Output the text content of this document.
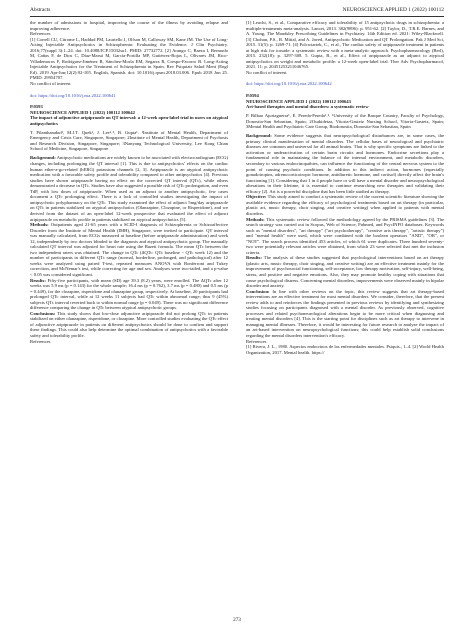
Abstracts	NEUROSCIENCE APPLIED 1 (2022) 100112

the number of admissions to hospital, improving the course of the illness by avoiding relapse and improving adherence.

References

[1] Correll CU, Citrome L, Haddad PM, Lauriello J, Olfson M, Calloway SM, Kane JM. The Use of Long-Acting Injectable Antipsychotics in Schizophrenia: Evaluating the Evidence. J Clin Psychiatry. 2016;77(suppl 3):1–24. doi: 10.4088/JCP.15032su1. PMID: 27732772. [2] Arango C, Baeza I, Bernardo M, Cañas F, de Dios C, Díaz-Marsá M, García-Portilla MP, Gutiérrez-Rojas L, Olivares JM, Rico-Villademoros F, Rodríguez-Jiménez R, Sánchez-Morla EM, Segarra R, Crespo-Facorro B. Long-Acting Injectable Antipsychotics for the Treatment of Schizophrenia in Spain. Rev Psiquiatr Salud Ment (Engl Ed). 2019 Apr-Jun;12(2):92-105. English, Spanish. doi: 10.1016/j.rpsm.2018.03.006. Epub 2018 Jun 25. PMID: 29954707.

No conflict of interest

doi: https://doi.org/10.1016/j.nsa.2022.100641

P.0593

NEUROSCIENCE APPLIED 1 (2022) 100112 100642

The impact of adjunctive aripiprazole on QT interval: a 12-week open-label trial in users on atypical antipsychotics

T. Pilanthanakul¹, M.J.T. Quek¹, J. Lee¹˒², B. Gupta¹. ¹Institute of Mental Health, Department of Emergency and Crisis Care, Singapore, Singapore; 2Institute of Mental Health, Department of Psychosis and Research Division, Singapore, Singapore; 3Nanyang Technological University, Lee Kong Chian School of Medicine, Singapore, Singapore

Background: Antipsychotic medications are widely known to be associated with electrocardiogram (ECG) changes, including prolonging the QT interval [1]. This is due to antipsychotics' effects on the cardiac human ether-a-go-related (hERG) potassium channels [2, 3]. Aripiprazole is an atypical antipsychotic medication with a favorable safety profile and tolerability compared to other antipsychotics [4]. Previous studies have shown aripiprazole having no effect on the corrected QT interval (QTc), while others demonstrated a decrease in QTc. Studies have also suggested a possible risk of QTc prolongation, and even TdP, with low doses of aripiprazole. When used as an adjunct to another antipsychotic, few cases document a QTc prolonging effect. There is a lack of controlled studies investigating the impact of antipsychotic polypharmacy on the QTc. This study examined the effect of adjunct 5mg/day aripiprazole on QTc in patients stabilized on atypical antipsychotics (Olanzapine, Clozapine, or Risperidone), and we derived from the dataset of an open-label 12-week prospective that evaluated the effect of adjunct aripiprazole on metabolic profile in patients stabilized on atypical antipsychotics [5].

Methods: Outpatients aged 21-65 years with a SCID-I diagnosis of Schizophrenia or Schizoaffective Disorder from the Institute of Mental Health (IMH), Singapore, were invited to participate. QT interval was manually calculated, from ECGs measured at baseline (before aripiprazole administration) and week 12, independently by two doctors blinded to the diagnosis and atypical antipsychotic group. The manually calculated QT interval was adjusted for heart rate using the Bazett formula. The mean QTc between the two independent raters was obtained. The change in QTc (ΔQTc: QTc baseline − QTc week 12) and the number of participants in different QTc range (normal, borderline, prolonged, and pathological) after 12 weeks were analyzed using paired T-test, repeated measures ANOVA with Bonferroni and Tukey correction, and McNemar's test, while correcting for age and sex. Analyses were two-tailed, and a p-value < 0.05 was considered significant.

Results: Fifty-five participants, with mean (SD) age 39.3 (8.2) years, were enrolled. The ΔQTc after 12 weeks was 5.9 ms (p = 0.143) for the whole sample; 16.4 ms (p = 0.762), 3.7 ms (p = 0.480) and 0.5 ms (p = 0.449), for the clozapine, risperidone and olanzapine group, respectively. At baseline, 20 participants had prolonged QTc interval, while at 12 weeks 11 subjects had QTc within abnormal range; thus 9 (45%) subjects QTc interval reverted back to within normal range (p = 0.049). There was no significant difference difference comparing the change in QTc between atypical antipsychotic groups.

Conclusions: This study shows that low-dose adjunctive aripiprazole did not prolong QTc in patients stabilized on either olanzapine, risperidone, or clozapine. More controlled studies evaluating the QTc effect of adjunctive aripiprazole in patients on different antipsychotics should be done to confirm and support these findings. This could also help determine the optimal combination of antipsychotics with a favorable safety and tolerability profile.

References

[1] Leucht, S., et al., Comparative efficacy and tolerability of 15 antipsychotic drugs in schizophrenia: a multiple-treatments meta-analysis. Lancet, 2013. 382(9896): p. 951-62. [2] Taylor, D., T.R.E. Barnes, and A. Young, The Maudsley Prescribing Guidelines in Psychiatry. 14th Edition ed. 2021: Wiley-Blackwell. [3] Chohan, P.S., R. Mittal, and A. Javed, Antipsychotic Medication and QT Prolongation. Pak J Med Sci, 2015. 31(5): p. 1269-71. [4] Polcwiartek, C., et al., The cardiac safety of aripiprazole treatment in patients at high risk for torsade: a systematic review with a meta-analytic approach. Psychopharmacology (Berl), 2015. 232(18): p. 3297-308. 5. Gupta, B., et al., Effect of aripiprazole as an adjunct to atypical antipsychotics on weight and metabolic profile: a 12-week open-label trial. Ther Adv Psychopharmacol, 2021. 11: p. 20451253211046765.

No conflict of interest

doi: https://doi.org/10.1016/j.nsa.2022.100642

P.0594

NEUROSCIENCE APPLIED 1 (2022) 100112 100643

Art-based therapies and mental disorders: a systematic review

P. Bilbao Ajuriaguerra¹, E. Pereda-Pereda¹˒². ¹University of the Basque Country, Faculty of Psychology, Donostia-San Sebastian, Spain; 2Osakidetza, Vitoria-Gasteiz Nursing School, Vitoria-Gasteiz, Spain; 3Mental Health and Psychiatric Care Group, Biodonostia, Donostia-San Sebastian, Spain

Background: Some evidence suggests that neuropsychological disturbances are, in some cases, the primary clinical manifestation of mental disorders. The cellular bases of neurological and psychiatric diseases are common and universal for all animal brains. That is why specific symptoms are linked to the activation or underactivation of certain brain circuits and hormones. Endocrine secretions play a fundamental role in maintaining the balance of the internal environment, and metabolic disorders, secondary to various endocrinopathies, can influence the functioning of the central nervous system to the point of causing psychotic conditions. In addition to this indirect action, hormones (especially gonadotropins, adrenocorticotropic hormone, antidiuretic hormone, and cortisol) directly affect the brain's functioning [1]. Considering that 1 in 4 people have or will have a mental disorder and neuropsychological alterations in their lifetime, it is essential to continue researching new therapies and validating their efficacy [2]. Art is a powerful discipline that has been little studied as therapy.

Objective: This study aimed to conduct a systematic review of the current scientific literature showing the available evidence regarding the efficacy of psychological treatments based on art therapy (in particular, plastic art, music therapy, choir singing, and creative writing) when applied to patients with mental disorders.

Methods: This systematic review followed the methodology agreed by the PRISMA guidelines [3]. The search strategy was carried out in Scopus, Web of Science, Pubmed, and PsycINFO databases. Keywords such as "mental disorders", "art therapy" ("art psychotherapy", "creative arts therapy", "artistic therapy") and "mental health" were used, which were combined with the boolean operators "AND", "OR", or "NOT". The search process identified 453 articles, of which 61 were duplicates. Three hundred seventy-two were potentially relevant articles were obtained, from which 23 were selected that met the inclusion criteria.

Results: The analysis of these studies suggested that psychological interventions based on art therapy (plastic arts, music therapy, choir singing, and creative writing) are an effective treatment mainly for the improvement of psychosocial functioning, self-acceptance, low therapy motivation, self-injury, well-being, stress, and positive and negative emotions. Also, they may promote healthy coping with situations that cause psychological distress. Concerning mental disorders, improvements were observed mainly in bipolar disorder and anxiety.

Conclusion: In line with other reviews on the topic, this review suggests that art therapy-based interventions are an effective treatment for most mental disorders. We consider, therefore, that the present review adds to and reinforces the findings presented in previous reviews by identifying and synthesizing studies focusing on participants diagnosed with a mental disorder. As previously observed, cognitive processes and related psychoneurological alterations begin to be more critical when diagnosing and treating mental disorders [4]. This is the starting point for disciplines such as art therapy to intervene in managing mental illnesses. Therefore, it would be interesting for future research to analyze the impact of an art-based intervention on neuropsychological functions; this could help establish solid conclusions regarding the mental disorders intervention's efficacy.

References

[1] Rivera, J. L., 1980. Aspectos endocrinos de las enfermedades mentales. Psiquis., 1–4. [2] World Health Organization, 2017. Mental health. https://

273
